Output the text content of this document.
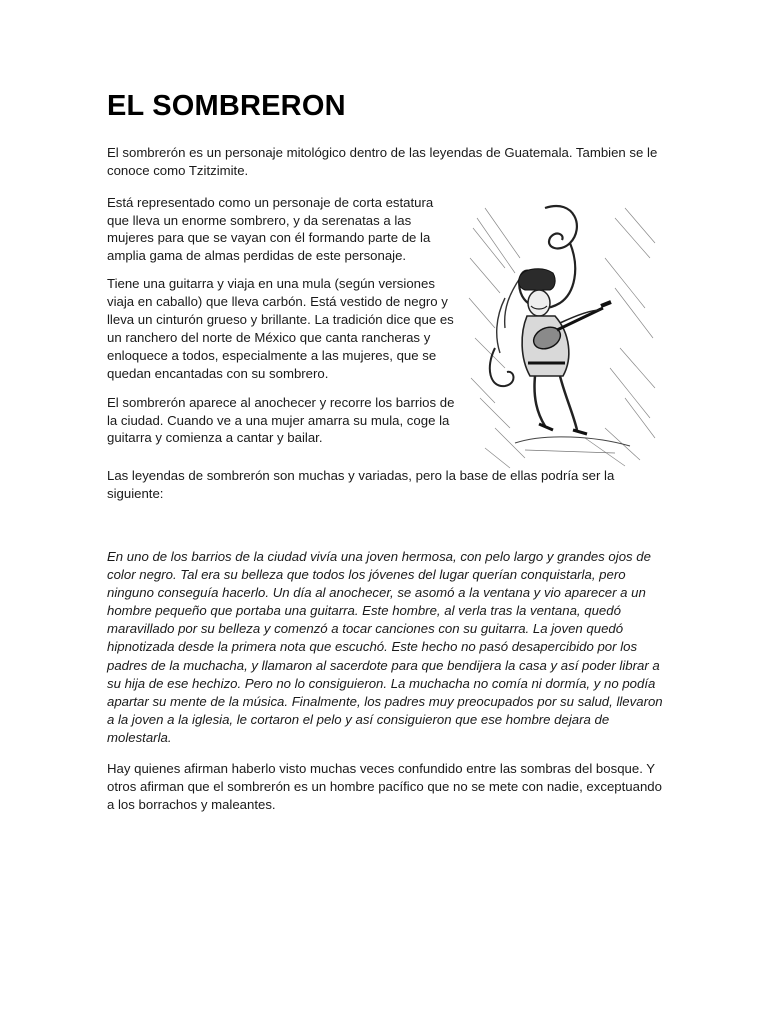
EL SOMBRERON

El sombrerón es un personaje mitológico dentro de las leyendas de Guatemala. Tambien se le conoce como Tzitzimite.

Está representado como un personaje de corta estatura que lleva un enorme sombrero, y da serenatas a las mujeres para que se vayan con él formando parte de la amplia gama de almas perdidas de este personaje.

Tiene una guitarra y viaja en una mula (según versiones viaja en caballo) que lleva carbón. Está vestido de negro y lleva un cinturón grueso y brillante. La tradición dice que es un ranchero del norte de México que canta rancheras y enloquece a todos, especialmente a las mujeres, que se quedan encantadas con su sombrero.

El sombrerón aparece al anochecer y recorre los barrios de la ciudad. Cuando ve a una mujer amarra su mula, coge la guitarra y comienza a cantar y bailar.

Las leyendas de sombrerón son muchas y variadas, pero la base de ellas podría ser la siguiente:

En uno de los barrios de la ciudad vivía una joven hermosa, con pelo largo y grandes ojos de color negro. Tal era su belleza que todos los jóvenes del lugar querían conquistarla, pero ninguno conseguía hacerlo. Un día al anochecer, se asomó a la ventana y vio aparecer a un hombre pequeño que portaba una guitarra. Este hombre, al verla tras la ventana, quedó maravillado por su belleza y comenzó a tocar canciones con su guitarra. La joven quedó hipnotizada desde la primera nota que escuchó. Este hecho no pasó desapercibido por los padres de la muchacha, y llamaron al sacerdote para que bendijera la casa y así poder librar a su hija de ese hechizo. Pero no lo consiguieron. La muchacha no comía ni dormía, y no podía apartar su mente de la música. Finalmente, los padres muy preocupados por su salud, llevaron a la joven a la iglesia, le cortaron el pelo y así consiguieron que ese hombre dejara de molestarla.

Hay quienes afirman haberlo visto muchas veces confundido entre las sombras del bosque. Y otros afirman que el sombrerón es un hombre pacífico que no se mete con nadie, exceptuando a los borrachos y maleantes.
